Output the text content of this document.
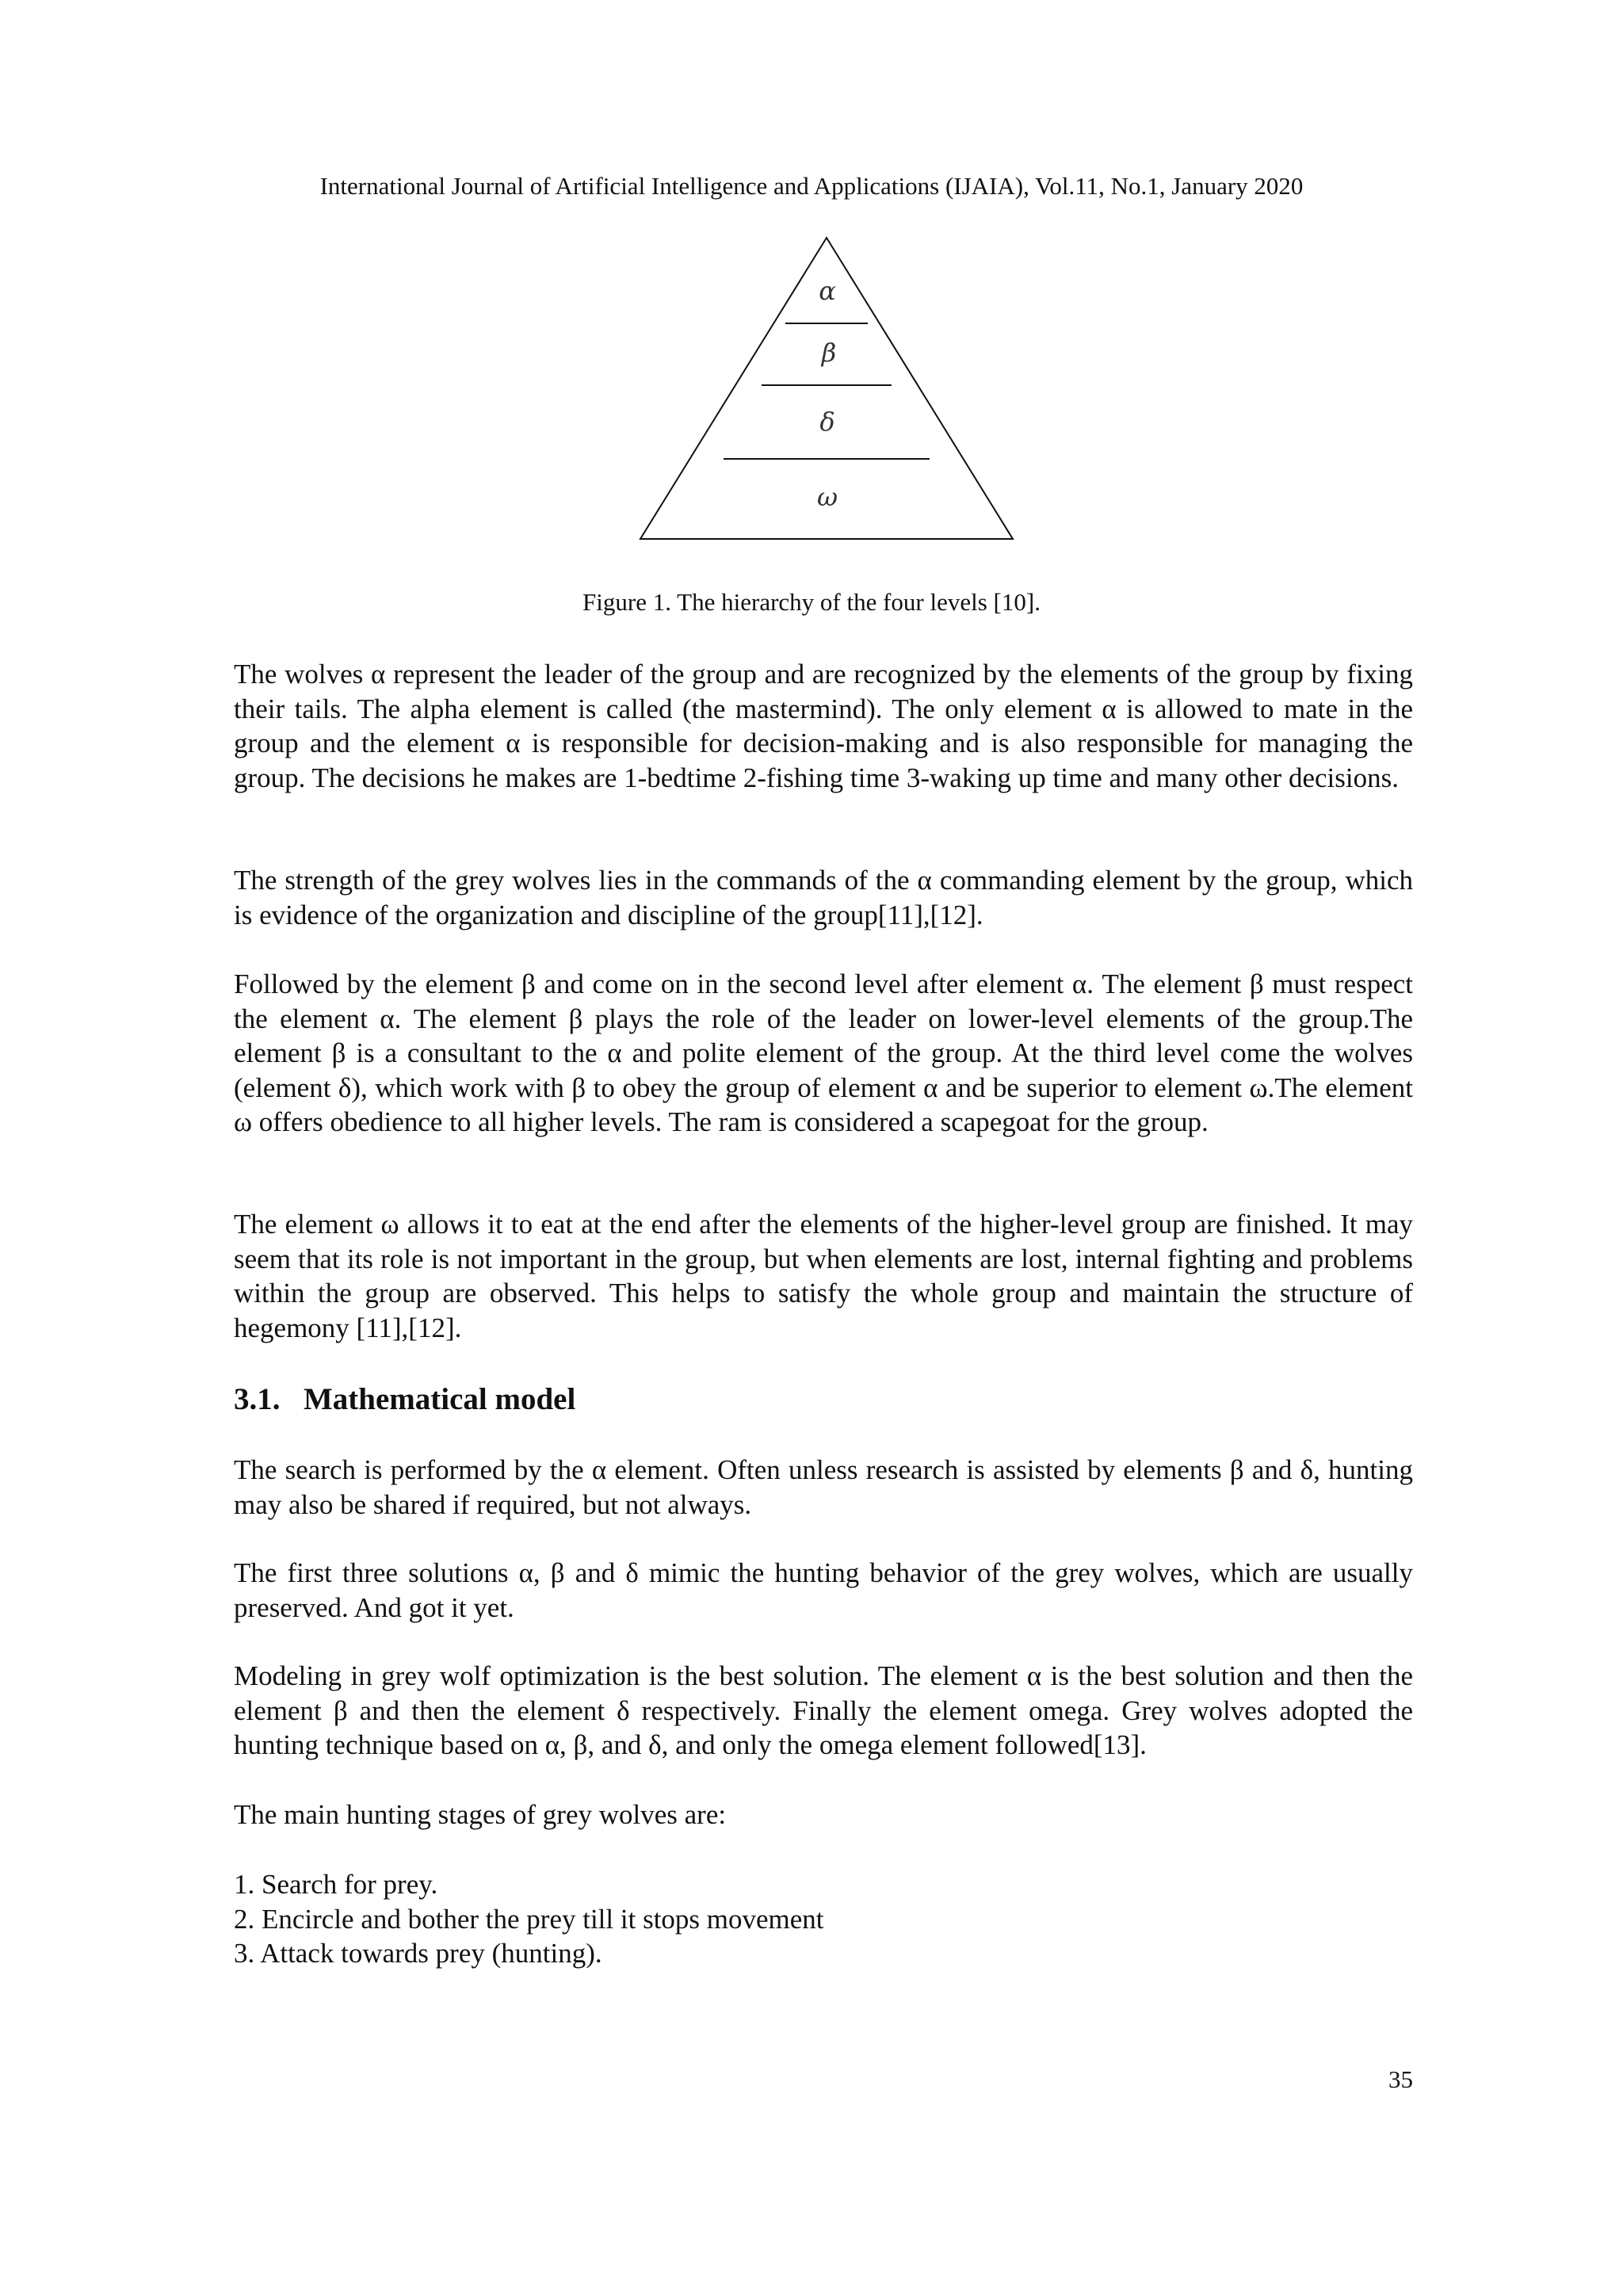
International Journal of Artificial Intelligence and Applications (IJAIA), Vol.11, No.1, January 2020
α
β
δ
ω
Figure 1. The hierarchy of the four levels [10].

The wolves α represent the leader of the group and are recognized by the elements of the group by fixing their tails. The alpha element is called (the mastermind). The only element α is allowed to mate in the group and the element α is responsible for decision-making and is also responsible for managing the group. The decisions he makes are 1-bedtime 2-fishing time 3-waking up time and many other decisions.

The strength of the grey wolves lies in the commands of the α commanding element by the group, which is evidence of the organization and discipline of the group[11],[12].

Followed by the element β and come on in the second level after element α. The element β must respect the element α. The element β plays the role of the leader on lower-level elements of the group.The element β is a consultant to the α and polite element of the group. At the third level come the wolves (element δ), which work with β to obey the group of element α and be superior to element ω.The element ω offers obedience to all higher levels. The ram is considered a scapegoat for the group.

The element ω allows it to eat at the end after the elements of the higher-level group are finished. It may seem that its role is not important in the group, but when elements are lost, internal fighting and problems within the group are observed. This helps to satisfy the whole group and maintain the structure of hegemony [11],[12].

3.1. Mathematical model

The search is performed by the α element. Often unless research is assisted by elements β and δ, hunting may also be shared if required, but not always.

The first three solutions α, β and δ mimic the hunting behavior of the grey wolves, which are usually preserved. And got it yet.

Modeling in grey wolf optimization is the best solution. The element α is the best solution and then the element β and then the element δ respectively. Finally the element omega. Grey wolves adopted the hunting technique based on α, β, and δ, and only the omega element followed[13].

The main hunting stages of grey wolves are:

1. Search for prey.
2. Encircle and bother the prey till it stops movement
3. Attack towards prey (hunting).
35
